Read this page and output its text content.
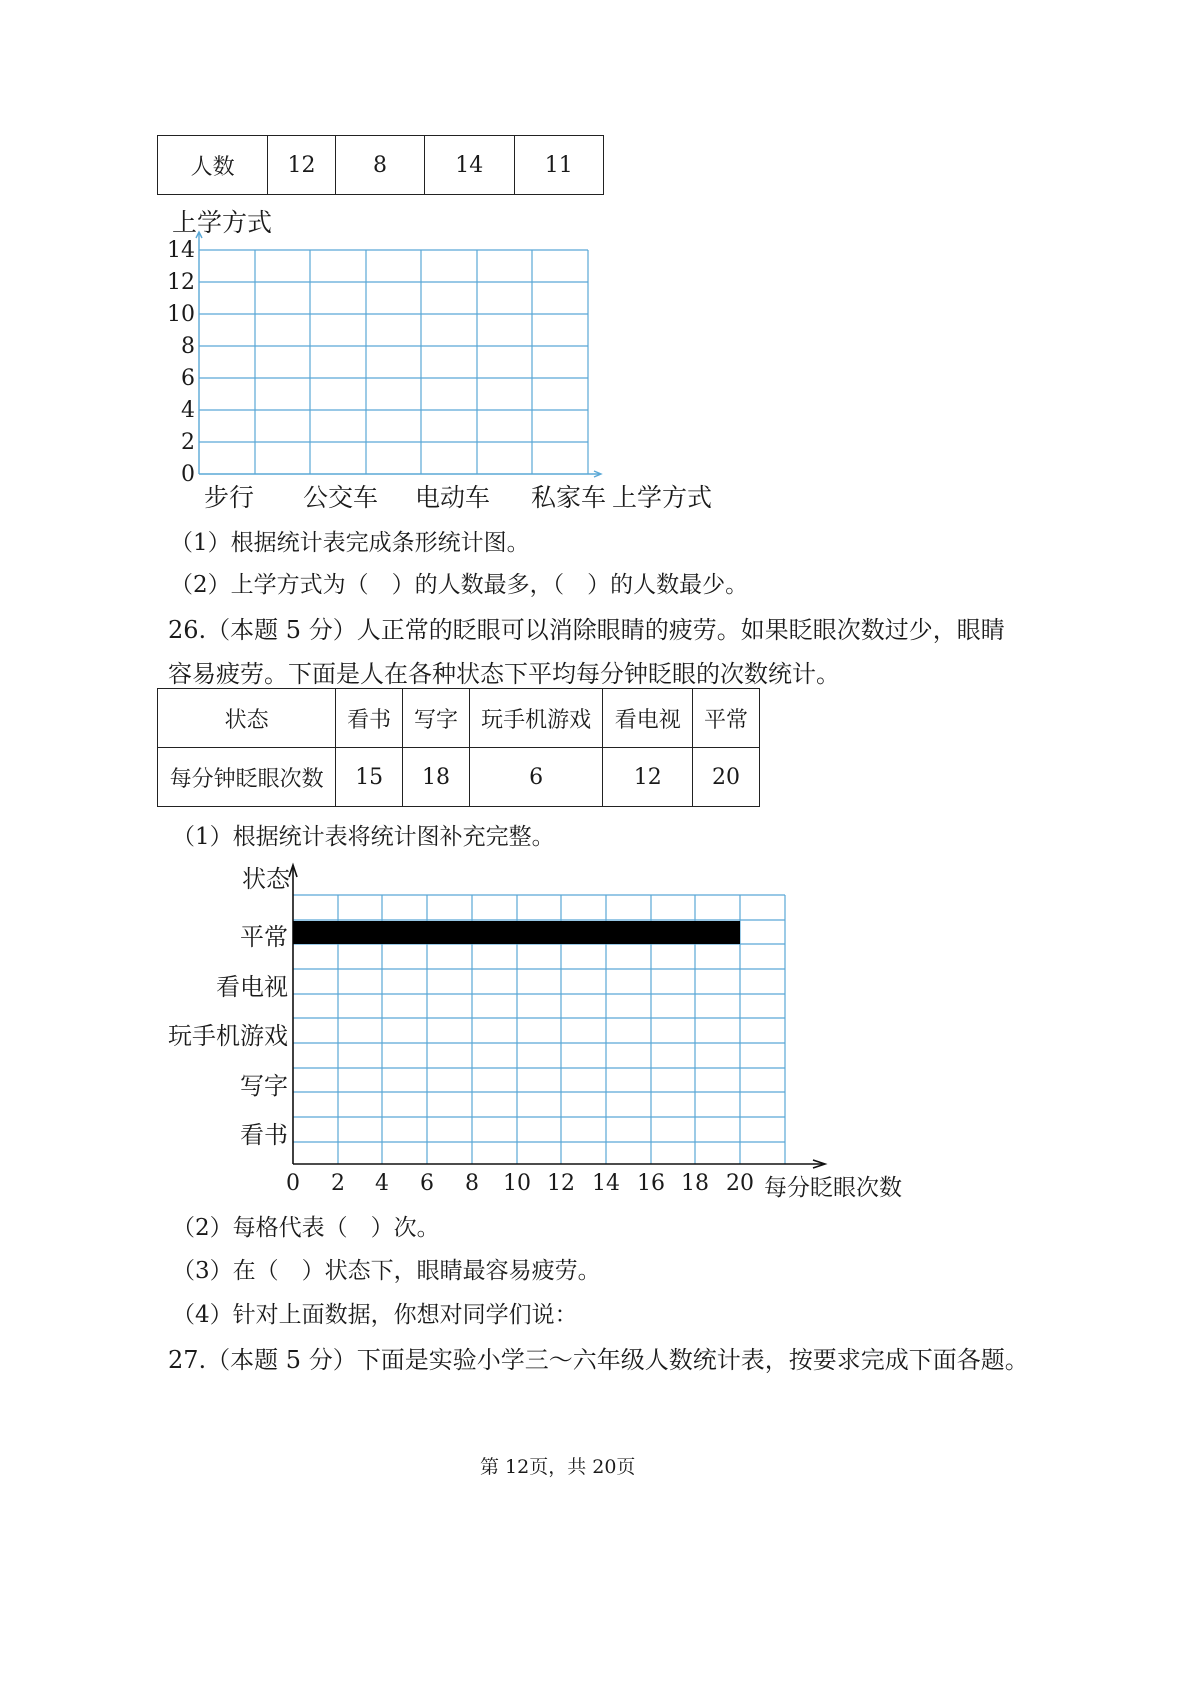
人数	12	8	14	11
上学方式
14
12
10
8
6
4
2
0
步行 公交车 电动车 私家车 上学方式
（1）根据统计表完成条形统计图。
（2）上学方式为（　）的人数最多，（　）的人数最少。
26.（本题 5 分）人正常的眨眼可以消除眼睛的疲劳。如果眨眼次数过少，眼睛
容易疲劳。下面是人在各种状态下平均每分钟眨眼的次数统计。
状态	看书	写字	玩手机游戏	看电视	平常
每分钟眨眼次数	15	18	6	12	20
（1）根据统计表将统计图补充完整。
状态
平常
看电视
玩手机游戏
写字
看书
0	2	4	6	8	10 12 14 16 18 20 每分眨眼次数
（2）每格代表（　）次。
（3）在（　）状态下，眼睛最容易疲劳。
（4）针对上面数据，你想对同学们说：
27.（本题 5 分）下面是实验小学三～六年级人数统计表，按要求完成下面各题。
第 12页，共 20页
